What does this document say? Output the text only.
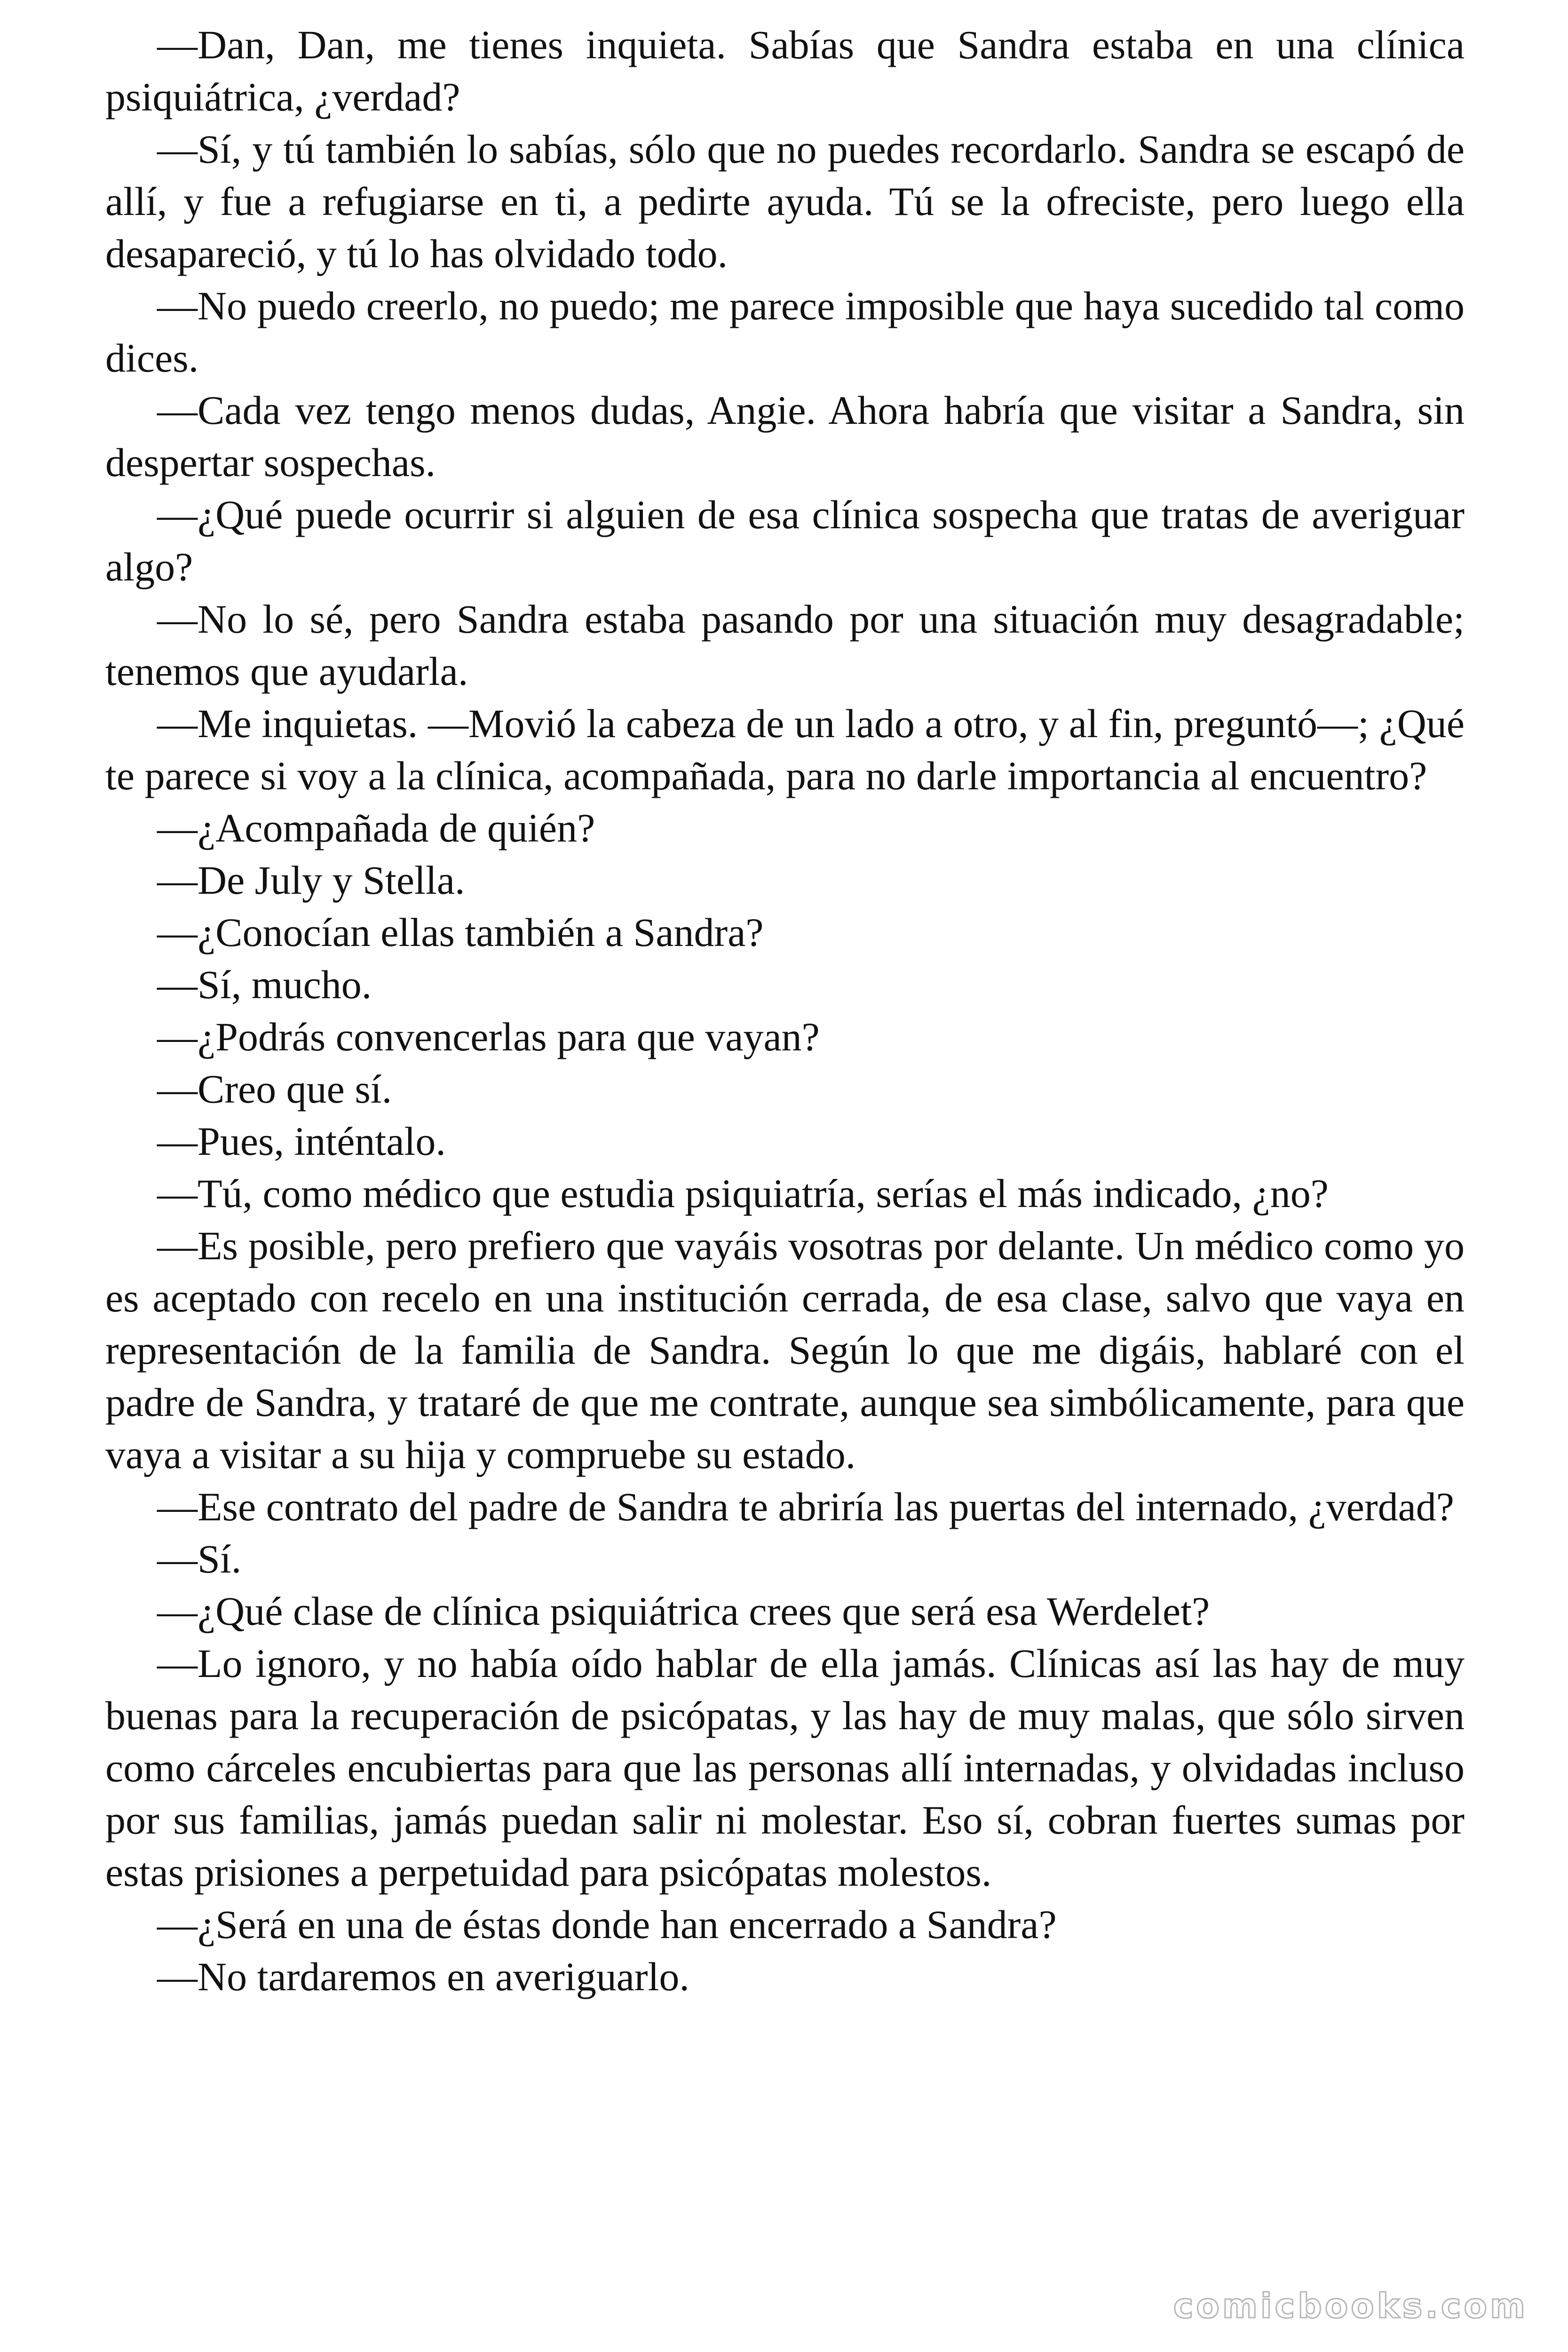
—Dan, Dan, me tienes inquieta. Sabías que Sandra estaba en una clínica psiquiátrica, ¿verdad?

—Sí, y tú también lo sabías, sólo que no puedes recordarlo. Sandra se escapó de allí, y fue a refugiarse en ti, a pedirte ayuda. Tú se la ofreciste, pero luego ella desapareció, y tú lo has olvidado todo.

—No puedo creerlo, no puedo; me parece imposible que haya sucedido tal como dices.

—Cada vez tengo menos dudas, Angie. Ahora habría que visitar a Sandra, sin despertar sospechas.

—¿Qué puede ocurrir si alguien de esa clínica sospecha que tratas de averiguar algo?

—No lo sé, pero Sandra estaba pasando por una situación muy desagradable; tenemos que ayudarla.

—Me inquietas. —Movió la cabeza de un lado a otro, y al fin, preguntó—; ¿Qué te parece si voy a la clínica, acompañada, para no darle importancia al encuentro?

—¿Acompañada de quién?

—De July y Stella.

—¿Conocían ellas también a Sandra?

—Sí, mucho.

—¿Podrás convencerlas para que vayan?

—Creo que sí.

—Pues, inténtalo.

—Tú, como médico que estudia psiquiatría, serías el más indicado, ¿no?

—Es posible, pero prefiero que vayáis vosotras por delante. Un médico como yo es aceptado con recelo en una institución cerrada, de esa clase, salvo que vaya en representación de la familia de Sandra. Según lo que me digáis, hablaré con el padre de Sandra, y trataré de que me contrate, aunque sea simbólicamente, para que vaya a visitar a su hija y compruebe su estado.

—Ese contrato del padre de Sandra te abriría las puertas del internado, ¿verdad?

—Sí.

—¿Qué clase de clínica psiquiátrica crees que será esa Werdelet?

—Lo ignoro, y no había oído hablar de ella jamás. Clínicas así las hay de muy buenas para la recuperación de psicópatas, y las hay de muy malas, que sólo sirven como cárceles encubiertas para que las personas allí internadas, y olvidadas incluso por sus familias, jamás puedan salir ni molestar. Eso sí, cobran fuertes sumas por estas prisiones a perpetuidad para psicópatas molestos.

—¿Será en una de éstas donde han encerrado a Sandra?

—No tardaremos en averiguarlo.

comicbooks.com
